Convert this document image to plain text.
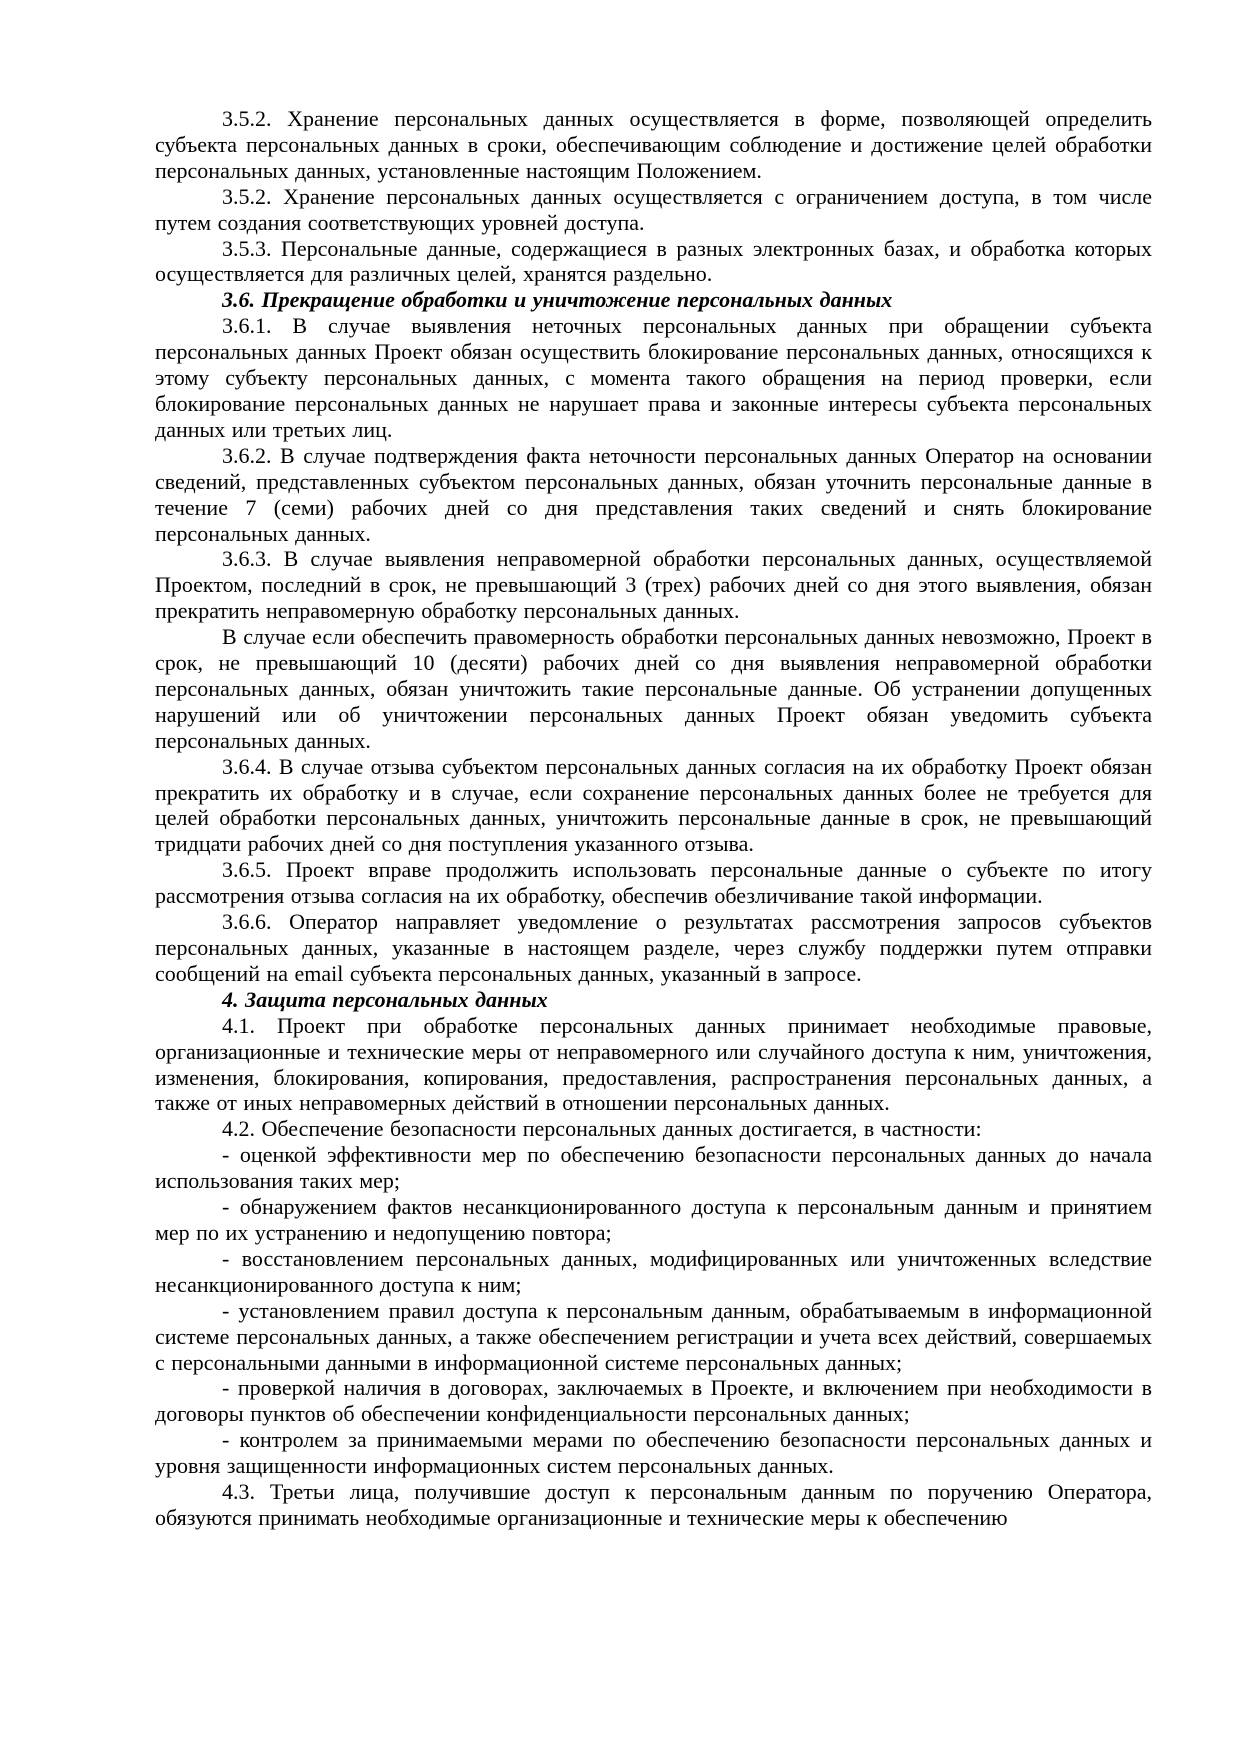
3.5.2. Хранение персональных данных осуществляется в форме, позволяющей определить субъекта персональных данных в сроки, обеспечивающим соблюдение и достижение целей обработки персональных данных, установленные настоящим Положением.

3.5.2. Хранение персональных данных осуществляется с ограничением доступа, в том числе путем создания соответствующих уровней доступа.

3.5.3. Персональные данные, содержащиеся в разных электронных базах, и обработка которых осуществляется для различных целей, хранятся раздельно.

3.6. Прекращение обработки и уничтожение персональных данных

3.6.1. В случае выявления неточных персональных данных при обращении субъекта персональных данных Проект обязан осуществить блокирование персональных данных, относящихся к этому субъекту персональных данных, с момента такого обращения на период проверки, если блокирование персональных данных не нарушает права и законные интересы субъекта персональных данных или третьих лиц.

3.6.2. В случае подтверждения факта неточности персональных данных Оператор на основании сведений, представленных субъектом персональных данных, обязан уточнить персональные данные в течение 7 (семи) рабочих дней со дня представления таких сведений и снять блокирование персональных данных.

3.6.3. В случае выявления неправомерной обработки персональных данных, осуществляемой Проектом, последний в срок, не превышающий 3 (трех) рабочих дней со дня этого выявления, обязан прекратить неправомерную обработку персональных данных.

В случае если обеспечить правомерность обработки персональных данных невозможно, Проект в срок, не превышающий 10 (десяти) рабочих дней со дня выявления неправомерной обработки персональных данных, обязан уничтожить такие персональные данные. Об устранении допущенных нарушений или об уничтожении персональных данных Проект обязан уведомить субъекта персональных данных.

3.6.4. В случае отзыва субъектом персональных данных согласия на их обработку Проект обязан прекратить их обработку и в случае, если сохранение персональных данных более не требуется для целей обработки персональных данных, уничтожить персональные данные в срок, не превышающий тридцати рабочих дней со дня поступления указанного отзыва.

3.6.5. Проект вправе продолжить использовать персональные данные о субъекте по итогу рассмотрения отзыва согласия на их обработку, обеспечив обезличивание такой информации.

3.6.6. Оператор направляет уведомление о результатах рассмотрения запросов субъектов персональных данных, указанные в настоящем разделе, через службу поддержки путем отправки сообщений на email субъекта персональных данных, указанный в запросе.

4. Защита персональных данных

4.1. Проект при обработке персональных данных принимает необходимые правовые, организационные и технические меры от неправомерного или случайного доступа к ним, уничтожения, изменения, блокирования, копирования, предоставления, распространения персональных данных, а также от иных неправомерных действий в отношении персональных данных.

4.2. Обеспечение безопасности персональных данных достигается, в частности:

- оценкой эффективности мер по обеспечению безопасности персональных данных до начала использования таких мер;

- обнаружением фактов несанкционированного доступа к персональным данным и принятием мер по их устранению и недопущению повтора;

- восстановлением персональных данных, модифицированных или уничтоженных вследствие несанкционированного доступа к ним;

- установлением правил доступа к персональным данным, обрабатываемым в информационной системе персональных данных, а также обеспечением регистрации и учета всех действий, совершаемых с персональными данными в информационной системе персональных данных;

- проверкой наличия в договорах, заключаемых в Проекте, и включением при необходимости в договоры пунктов об обеспечении конфиденциальности персональных данных;

- контролем за принимаемыми мерами по обеспечению безопасности персональных данных и уровня защищенности информационных систем персональных данных.

4.3. Третьи лица, получившие доступ к персональным данным по поручению Оператора, обязуются принимать необходимые организационные и технические меры к обеспечению
